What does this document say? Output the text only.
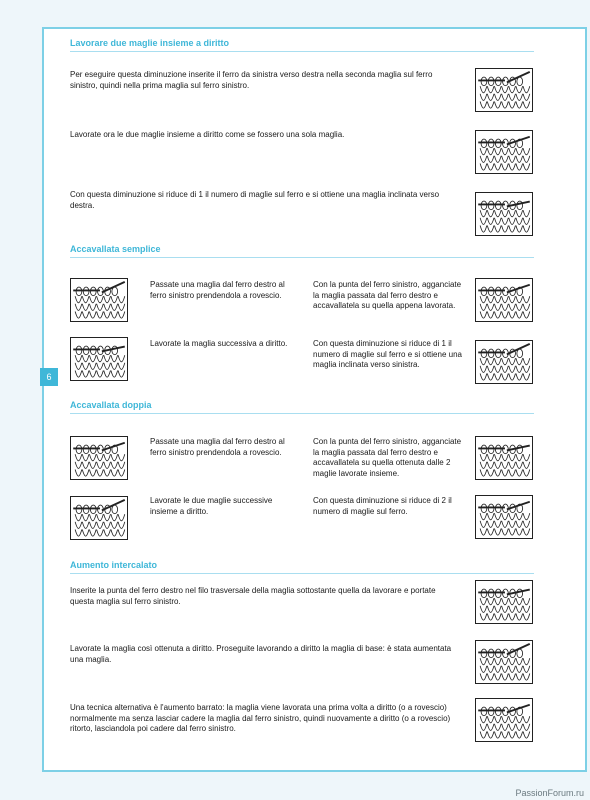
6
PassionForum.ru
Lavorare due maglie insieme a diritto
Per eseguire questa diminuzione inserite il ferro da sinistra verso destra nella seconda maglia sul ferro sinistro, quindi nella prima maglia sul ferro sinistro.
Lavorate ora le due maglie insieme a diritto come se fossero una sola maglia.
Con questa diminuzione si riduce di 1 il numero di maglie sul ferro e si ottiene una maglia inclinata verso destra.
Accavallata semplice
Passate una maglia dal ferro destro al ferro sinistro prendendola a rovescio.
Con la punta del ferro sinistro, agganciate la maglia passata dal ferro destro e accavallatela su quella appena lavorata.
Lavorate la maglia successiva a diritto.	Con questa diminuzione si riduce di 1 il numero di maglie sul ferro e si ottiene una maglia inclinata verso sinistra.
Accavallata doppia
Passate una maglia dal ferro destro al ferro sinistro prendendola a rovescio.
Con la punta del ferro sinistro, agganciate la maglia passata dal ferro destro e accavallatela su quella ottenuta dalle 2 maglie lavorate insieme.
Lavorate le due maglie successive insieme a diritto.
Con questa diminuzione si riduce di 2 il numero di maglie sul ferro.
Aumento intercalato
Inserite la punta del ferro destro nel filo trasversale della maglia sottostante quella da lavorare e portate questa maglia sul ferro sinistro.
Lavorate la maglia così ottenuta a diritto. Proseguite lavorando a diritto la maglia di base: è stata aumentata una maglia.
Una tecnica alternativa è l'aumento barrato: la maglia viene lavorata una prima volta a diritto (o a rovescio) normalmente ma senza lasciar cadere la maglia dal ferro sinistro, quindi nuovamente a diritto (o a rovescio) ritorto, lasciandola poi cadere dal ferro sinistro.
